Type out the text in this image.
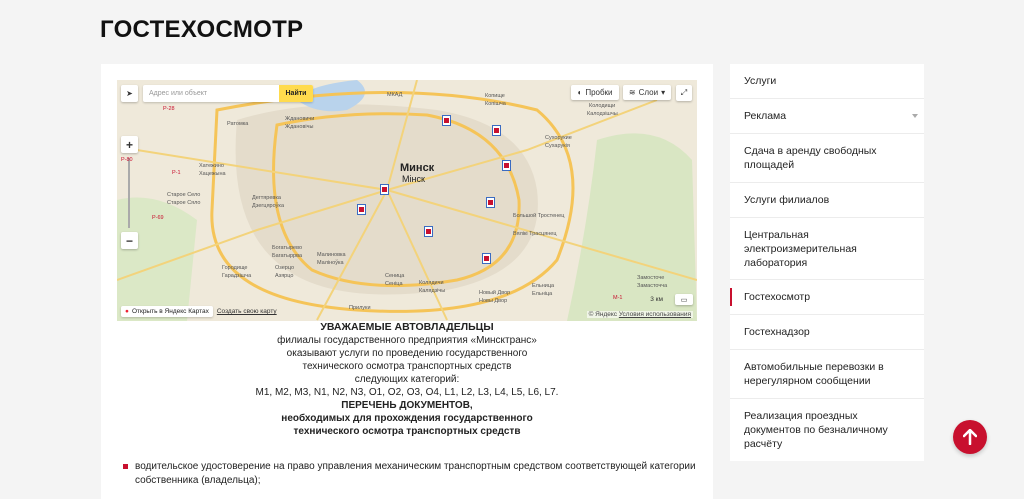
ГОСТЕХОСМОТР
➤	Адрес или объект	Найти	◐ Пробки ≋ Слои ▾	⤢
+
−
Минск
Мінск
МКАД	Копище
Копішча	Колодищи
Калодзішчы
Сухорукие
Сухарукія
Ратомка
Ждановичи
Ждановічы
Хатежино
Хацежына
Старое Село
Старое Сяло
Дегтяревка
Дзегцяроўка
Богатырево
Багатыррва
Городище
Гарадзішча
Озерцо
Азярцо
Малиновка
Маліноўка
Сеница
Сеніца
Прилуки
Колядичи
Калядзічы	Новый Двор
Новы Двор
Ельница
Ельніца
Большой Тростенец
Вялікі Трасцянец
Замосточе
Замасточча
Р-28
Р-80
Р-1
Р-69
М-1	3 км	▭
● Открыть в Яндекс Картах Создать свою карту	© Яндекс Условия использования

УВАЖАЕМЫЕ АВТОВЛАДЕЛЬЦЫ

филиалы государственного предприятия «Минсктранс»

оказывают услуги по проведению государственного

технического осмотра транспортных средств

следующих категорий:

M1, M2, M3, N1, N2, N3, O1, O2, O3, O4, L1, L2, L3, L4, L5, L6, L7.

ПЕРЕЧЕНЬ ДОКУМЕНТОВ,

необходимых для прохождения государственного

технического осмотра транспортных средств

водительское удостоверение на право управления механическим транспортным средством соответствующей категории собственника (владельца);
Услуги
Реклама
Сдача в аренду свободных площадей
Услуги филиалов
Центральная электроизмерительная лаборатория
Гостехосмотр
Гостехнадзор
Автомобильные перевозки в нерегулярном сообщении
Реализация проездных документов по безналичному расчёту
